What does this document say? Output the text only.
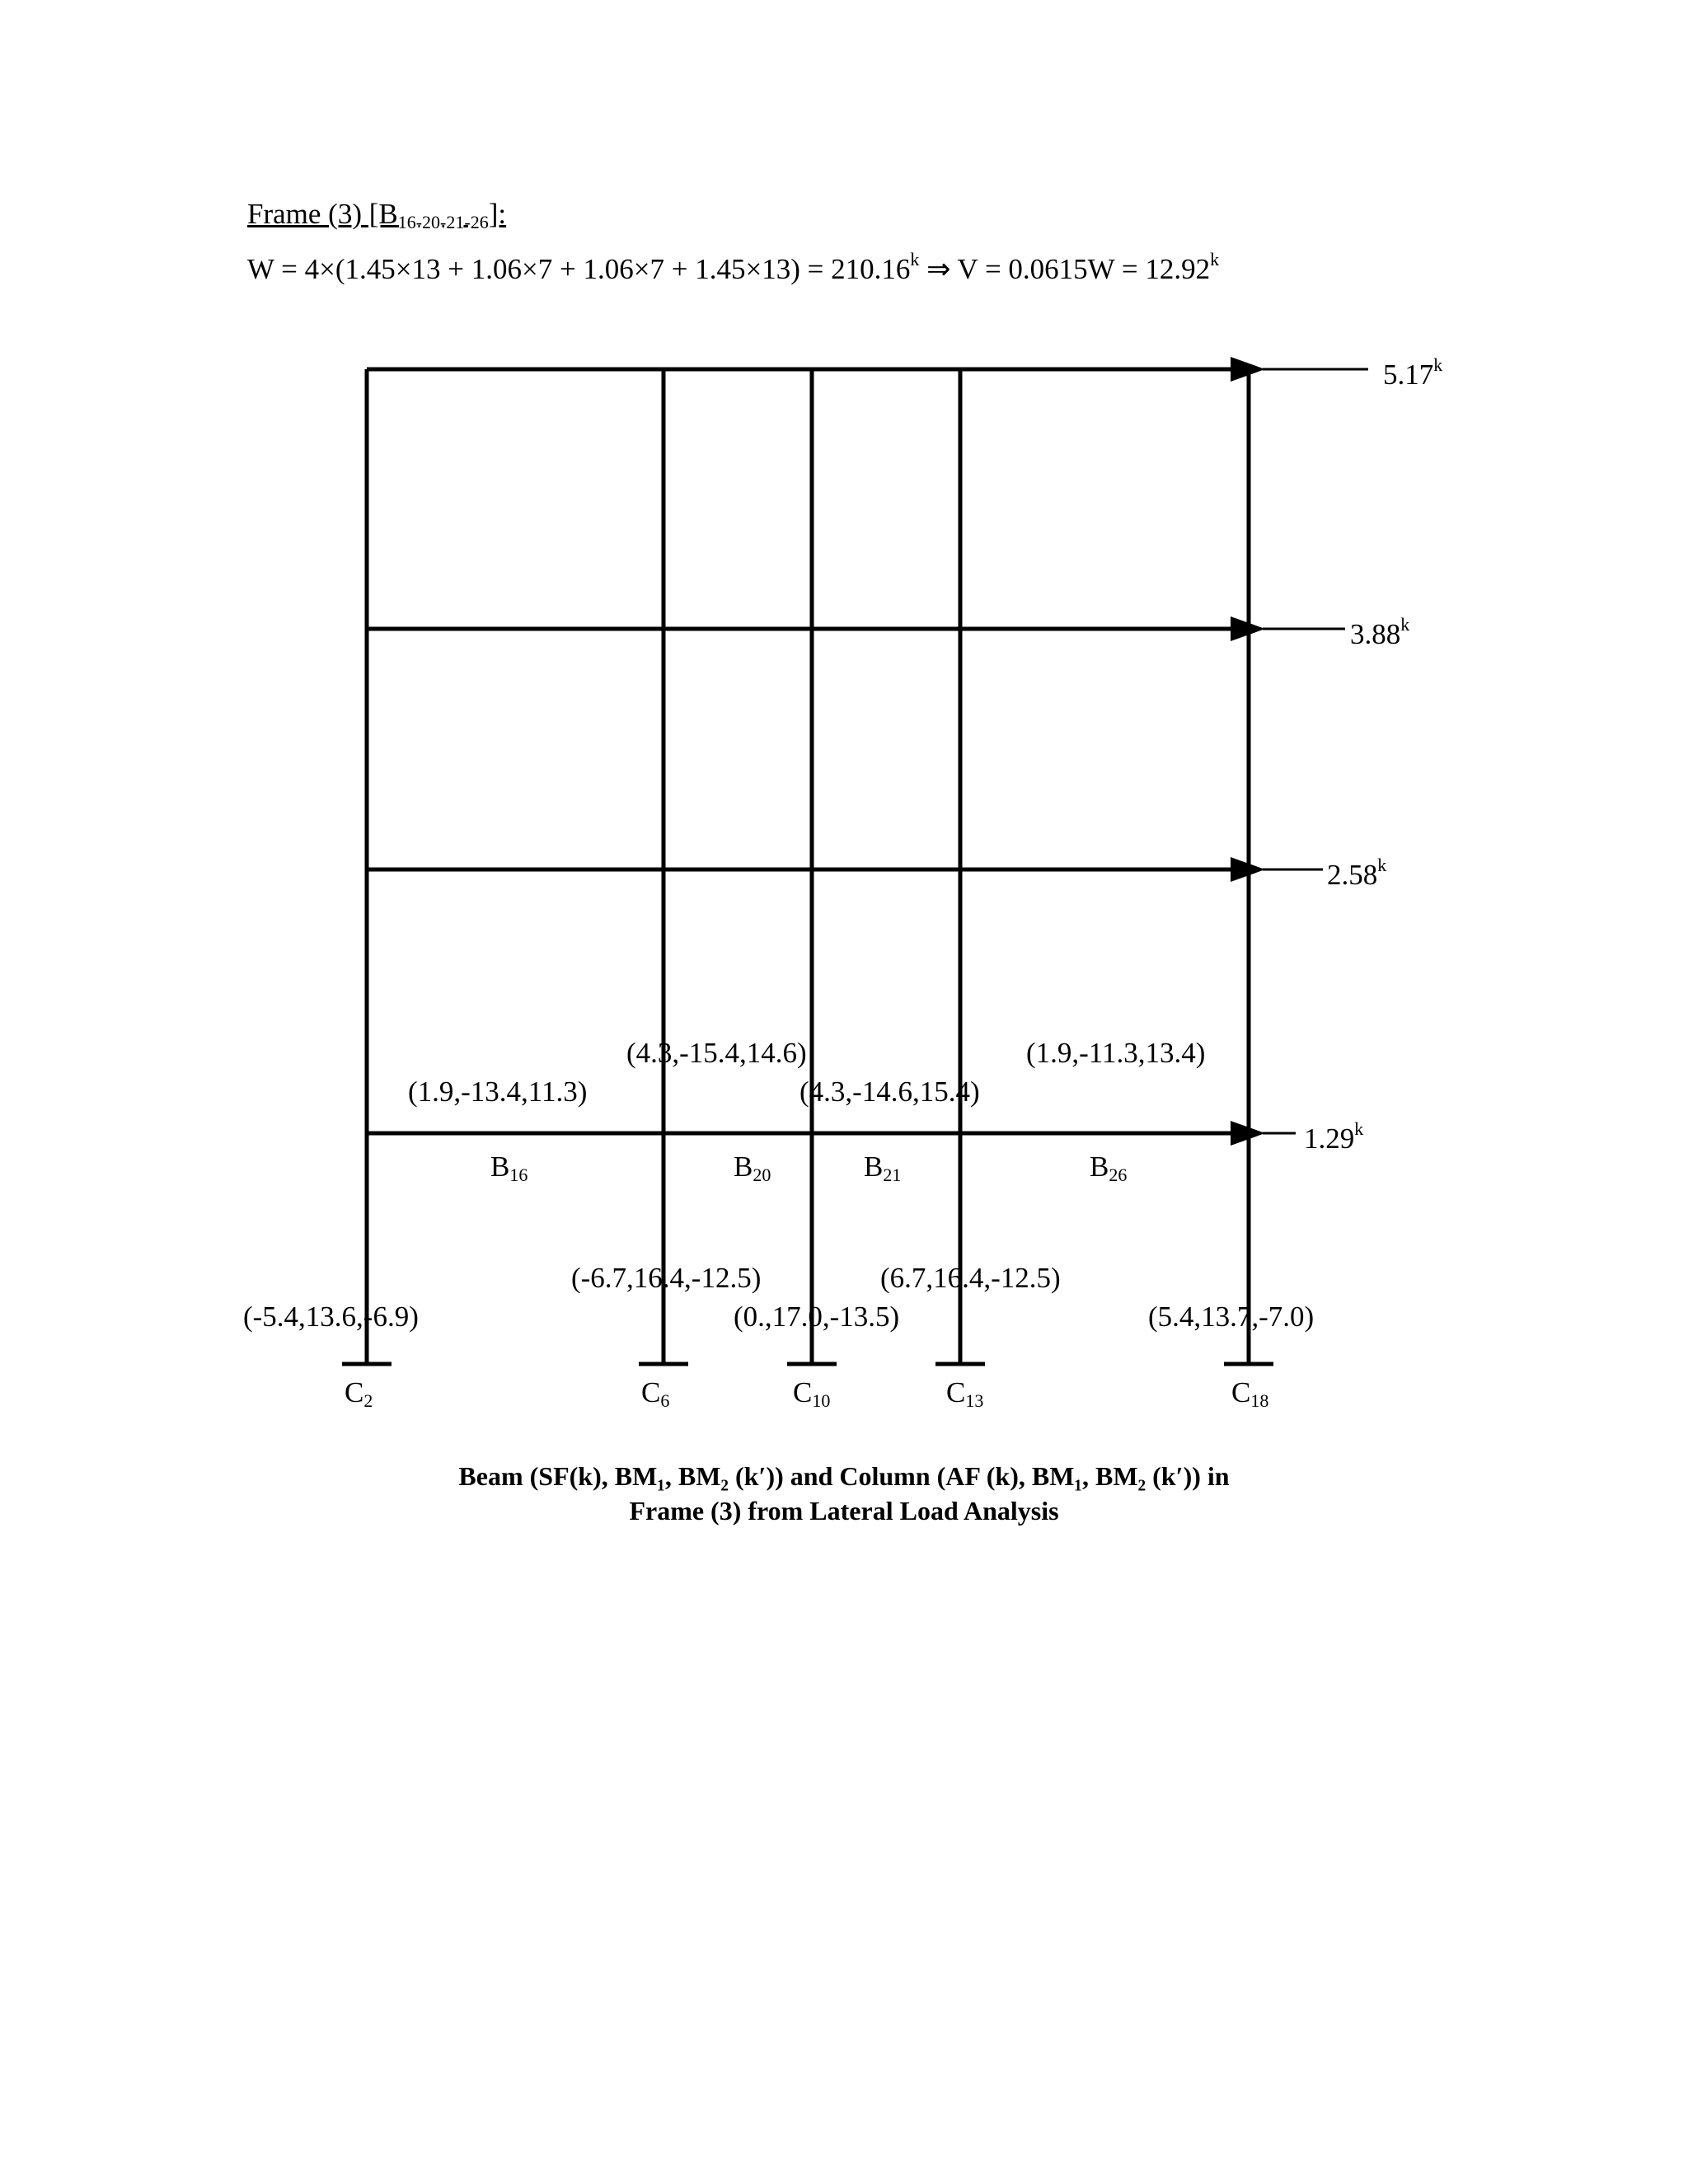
Frame (3) $[B_{16-20-21-26}]$:
$W = 4\times(1.45\times 13 + 1.06\times 7 + 1.06\times 7 + 1.45\times 13) = 210.16^k$ ⇒ $V = 0.0615W = 12.92^k$
5.17$^k$
3.88$^k$
2.58$^k$
1.29$^k$
(1.9,-13.4,11.3)
(4.3,-15.4,14.6)
(4.3,-14.6,15.4)
(1.9,-11.3,13.4)
$B_{16}$	$B_{20}$	$B_{21}$	$B_{26}$
(-5.4,13.6,-6.9)
(-6.7,16.4,-12.5)
(0.,17.0,-13.5)
(6.7,16.4,-12.5)
(5.4,13.7,-7.0)
$C_2$	$C_6$	$C_{10}$	$C_{13}$	$C_{18}$
Beam (SF(k), BM₁, BM₂ (k′)) and Column (AF (k), BM₁, BM₂ (k′)) in
Frame (3) from Lateral Load Analysis
